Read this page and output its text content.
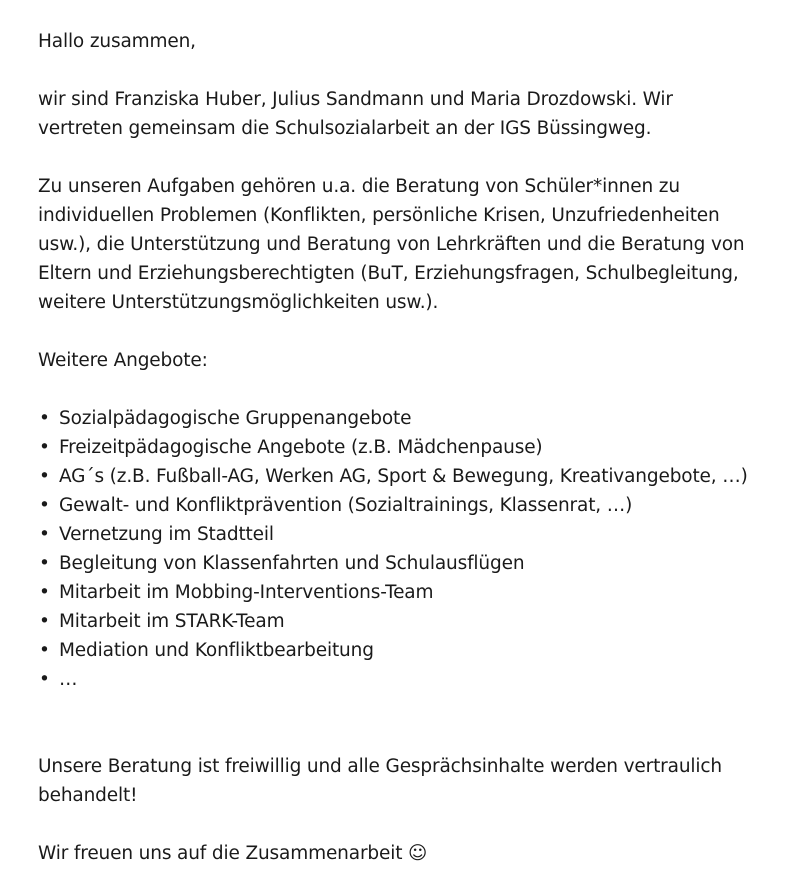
Hallo zusammen,

wir sind Franziska Huber, Julius Sandmann und Maria Drozdowski. Wir

vertreten gemeinsam die Schulsozialarbeit an der IGS Büssingweg.

Zu unseren Aufgaben gehören u.a. die Beratung von Schüler*innen zu

individuellen Problemen (Konflikten, persönliche Krisen, Unzufriedenheiten

usw.), die Unterstützung und Beratung von Lehrkräften und die Beratung von

Eltern und Erziehungsberechtigten (BuT, Erziehungsfragen, Schulbegleitung,

weitere Unterstützungsmöglichkeiten usw.).

Weitere Angebote:

• Sozialpädagogische Gruppenangebote
• Freizeitpädagogische Angebote (z.B. Mädchenpause)
• AG´s (z.B. Fußball-AG, Werken AG, Sport & Bewegung, Kreativangebote, …)
• Gewalt- und Konfliktprävention (Sozialtrainings, Klassenrat, …)
• Vernetzung im Stadtteil
• Begleitung von Klassenfahrten und Schulausflügen
• Mitarbeit im Mobbing-Interventions-Team
• Mitarbeit im STARK-Team
• Mediation und Konfliktbearbeitung
• …

Unsere Beratung ist freiwillig und alle Gesprächsinhalte werden vertraulich

behandelt!

Wir freuen uns auf die Zusammenarbeit ☺
